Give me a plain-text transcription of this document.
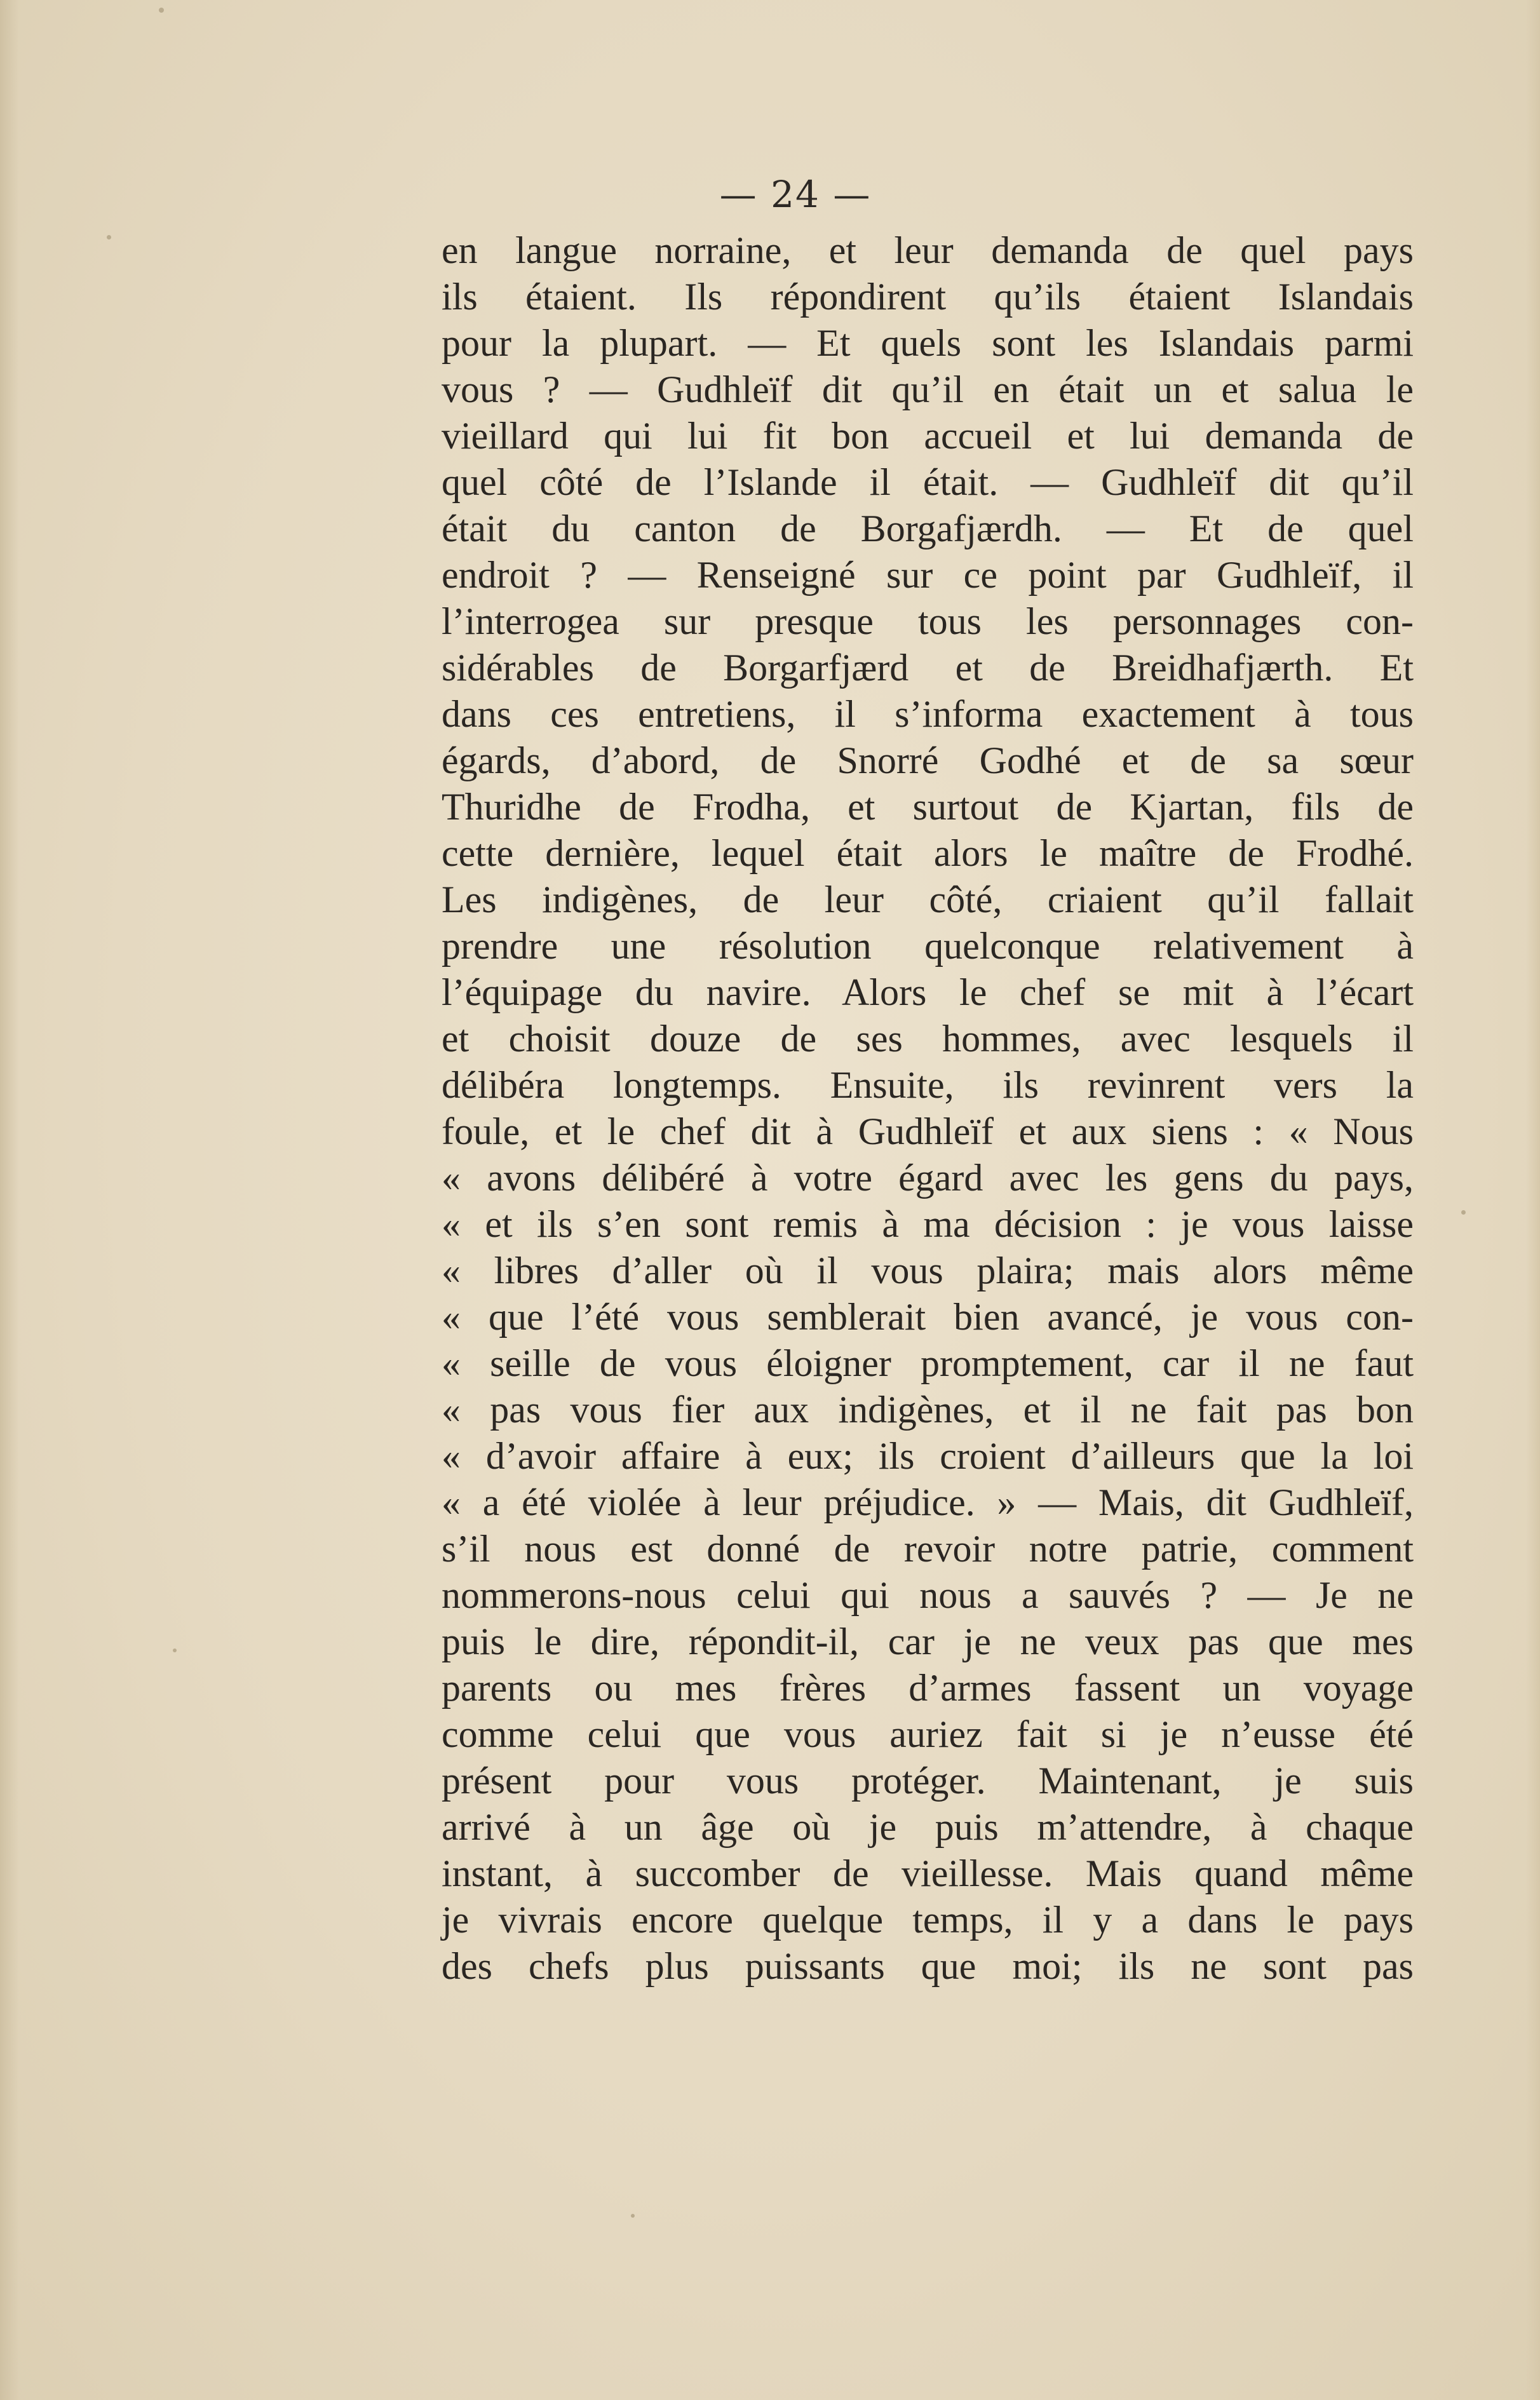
— 24 —
en langue norraine, et leur demanda de quel pays
ils étaient. Ils répondirent qu’ils étaient Islandais
pour la plupart. — Et quels sont les Islandais parmi
vous ? — Gudhleïf dit qu’il en était un et salua le
vieillard qui lui fit bon accueil et lui demanda de
quel côté de l’Islande il était. — Gudhleïf dit qu’il
était du canton de Borgafjærdh. — Et de quel
endroit ? — Renseigné sur ce point par Gudhleïf, il
l’interrogea sur presque tous les personnages con-
sidérables de Borgarfjærd et de Breidhafjærth. Et
dans ces entretiens, il s’informa exactement à tous
égards, d’abord, de Snorré Godhé et de sa sœur
Thuridhe de Frodha, et surtout de Kjartan, fils de
cette dernière, lequel était alors le maître de Frodhé.
Les indigènes, de leur côté, criaient qu’il fallait
prendre une résolution quelconque relativement à
l’équipage du navire. Alors le chef se mit à l’écart
et choisit douze de ses hommes, avec lesquels il
délibéra longtemps. Ensuite, ils revinrent vers la
foule, et le chef dit à Gudhleïf et aux siens : « Nous
« avons délibéré à votre égard avec les gens du pays,
« et ils s’en sont remis à ma décision : je vous laisse
« libres d’aller où il vous plaira; mais alors même
« que l’été vous semblerait bien avancé, je vous con-
« seille de vous éloigner promptement, car il ne faut
« pas vous fier aux indigènes, et il ne fait pas bon
« d’avoir affaire à eux; ils croient d’ailleurs que la loi
« a été violée à leur préjudice. » — Mais, dit Gudhleïf,
s’il nous est donné de revoir notre patrie, comment
nommerons-nous celui qui nous a sauvés ? — Je ne
puis le dire, répondit-il, car je ne veux pas que mes
parents ou mes frères d’armes fassent un voyage
comme celui que vous auriez fait si je n’eusse été
présent pour vous protéger. Maintenant, je suis
arrivé à un âge où je puis m’attendre, à chaque
instant, à succomber de vieillesse. Mais quand même
je vivrais encore quelque temps, il y a dans le pays
des chefs plus puissants que moi; ils ne sont pas
